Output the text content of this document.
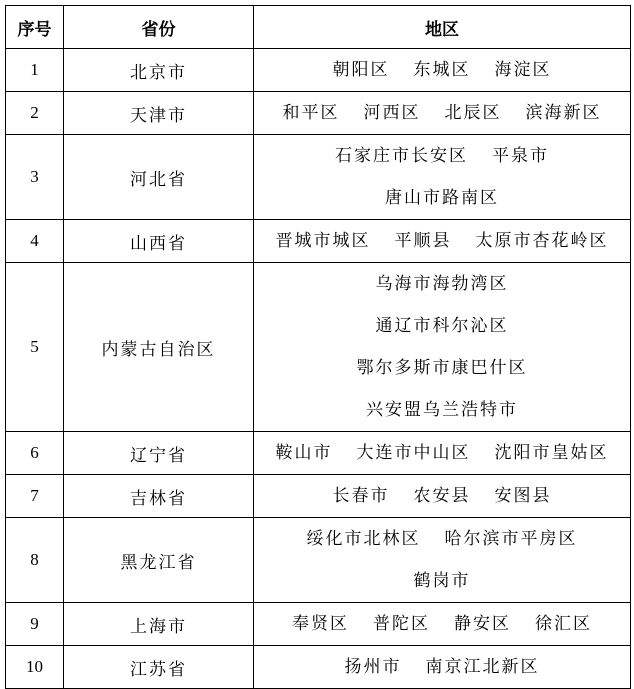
序号	省份	地区
1	北京市	朝阳区 东城区 海淀区

2	天津市	和平区 河西区 北辰区 滨海新区

3	河北省	石家庄市长安区 平泉市
唐山市路南区

4	山西省	晋城市城区 平顺县 太原市杏花岭区

5	内蒙古自治区	乌海市海勃湾区
通辽市科尔沁区
鄂尔多斯市康巴什区
兴安盟乌兰浩特市

6	辽宁省	鞍山市 大连市中山区 沈阳市皇姑区

7	吉林省	长春市 农安县 安图县

8	黑龙江省	绥化市北林区 哈尔滨市平房区
鹤岗市

9	上海市	奉贤区 普陀区 静安区 徐汇区

10	江苏省	扬州市 南京江北新区
